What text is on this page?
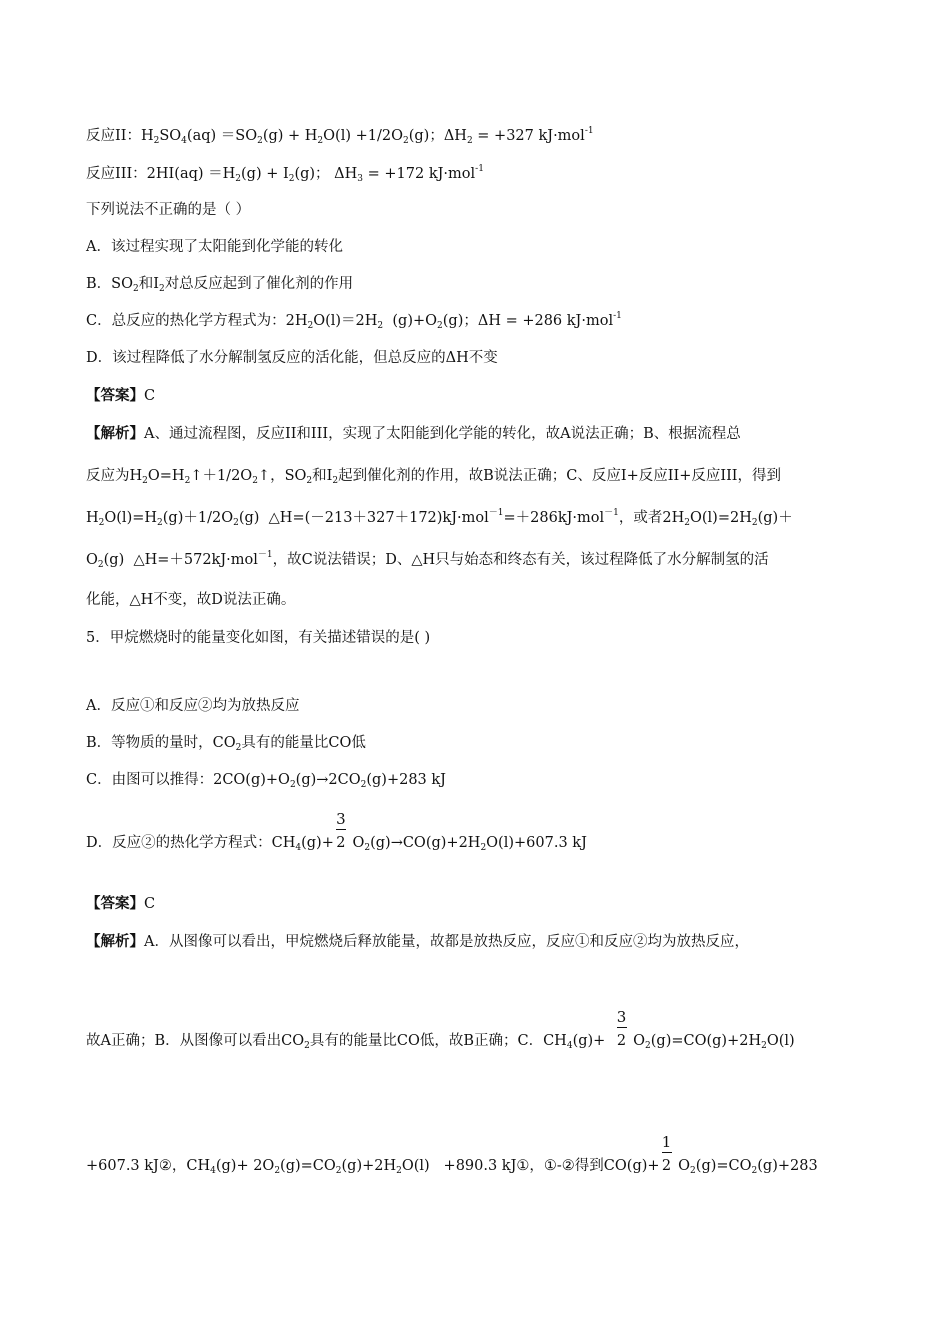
反应II：$H_2SO_4(aq) =SO_2(g) + H_2O(l) +1/2O_2(g)$；$\Delta H_2 = +327$ kJ·mol$^{-1}$
反应III：$2HI(aq) =H_2(g) + I_2(g)$； $\Delta H_3 = +172$ kJ·mol$^{-1}$
下列说法不正确的是（ ）
A．该过程实现了太阳能到化学能的转化
B．$SO_2$和$I_2$对总反应起到了催化剂的作用
C．总反应的热化学方程式为：$2H_2O(l)=2H_2$  $(g)+O_2(g)$；ΔH = +286 kJ·mol$^{-1}$
D．该过程降低了水分解制氢反应的活化能，但总反应的ΔH不变
【答案】C
【解析】A、通过流程图，反应II和III，实现了太阳能到化学能的转化，故A说法正确；B、根据流程总
反应为$H_2O=H_2↑+1/2O_2↑$，$SO_2$和$I_2$起到催化剂的作用，故B说法正确；C、反应I+反应II+反应III，得到
$H_2O(l)=H_2(g)+1/2O_2(g)$  △H=(－213＋327＋172)kJ·mol$^{-1}$=＋286kJ·mol$^{-1}$，或者$2H_2O(l)=2H_2(g)+$
$O_2(g)$  △H=＋572kJ·mol$^{-1}$，故C说法错误；D、△H只与始态和终态有关，该过程降低了水分解制氢的活
化能，△H不变，故D说法正确。
5．甲烷燃烧时的能量变化如图，有关描述错误的是( )
A．反应①和反应②均为放热反应
B．等物质的量时，$CO_2$具有的能量比CO低
C．由图可以推得：$2CO(g)+O_2(g)\to 2CO_2(g)+283$ kJ
D．反应②的热化学方程式：$CH_4(g)+ \frac{3}{2} O_2(g)\to CO(g)+2H_2O(l)+607.3$ kJ
【答案】C
【解析】A．从图像可以看出，甲烷燃烧后释放能量，故都是放热反应，反应①和反应②均为放热反应，
故A正确；B．从图像可以看出$CO_2$具有的能量比CO低，故B正确；C．$CH_4(g)+ \frac{3}{2} O_2(g)=CO(g)+2H_2O(l)$
+607.3 kJ②，$CH_4(g)+ 2O_2(g)=CO_2(g)+2H_2O(l) +890.3$ kJ①，①-②得到$CO(g)+ \frac{1}{2} O_2(g)=CO_2(g)+283$
